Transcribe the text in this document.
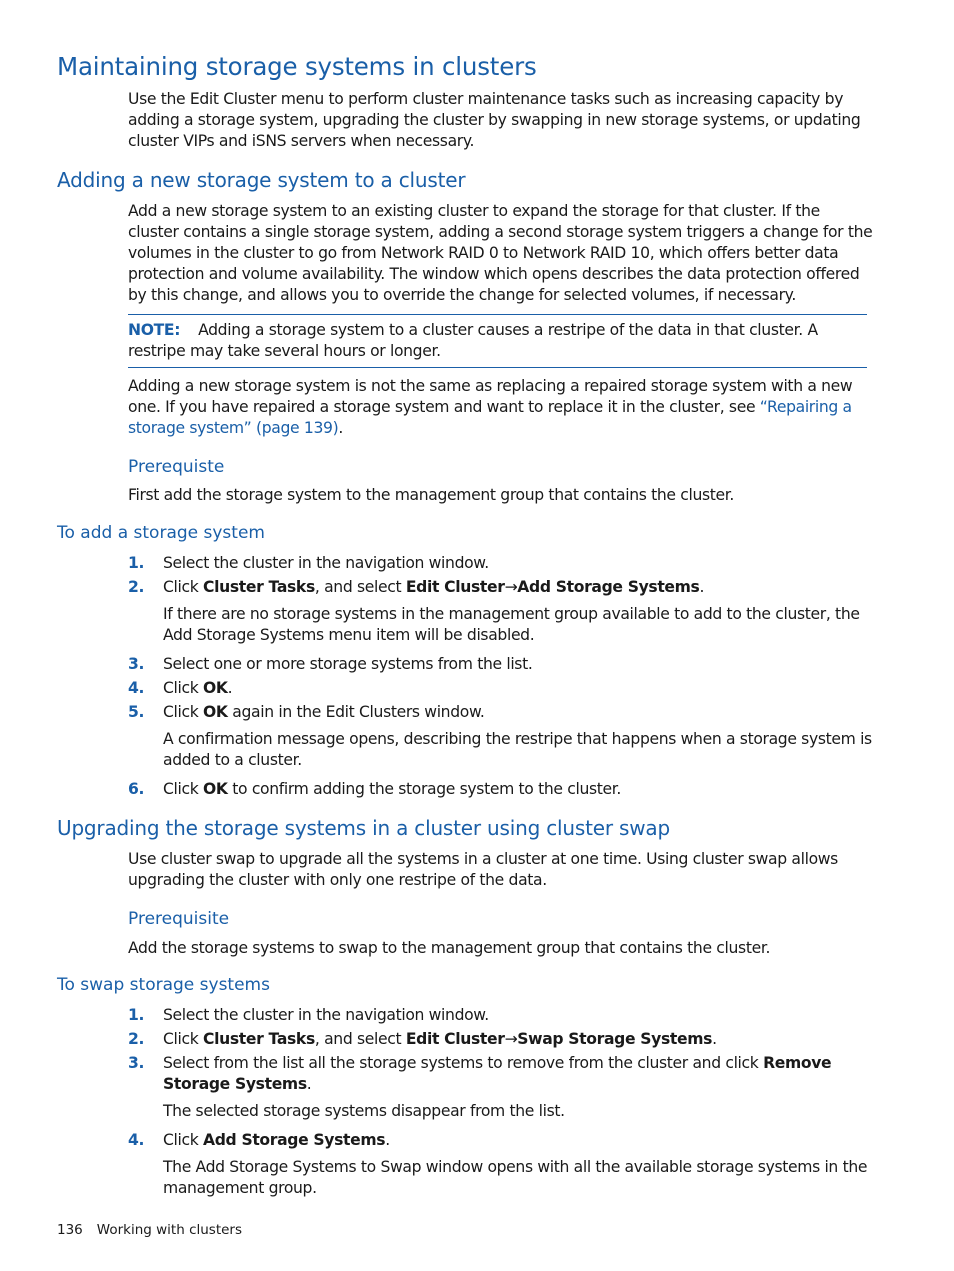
Maintaining storage systems in clusters
Use the Edit Cluster menu to perform cluster maintenance tasks such as increasing capacity by adding a storage system, upgrading the cluster by swapping in new storage systems, or updating cluster VIPs and iSNS servers when necessary.
Adding a new storage system to a cluster
Add a new storage system to an existing cluster to expand the storage for that cluster. If the cluster contains a single storage system, adding a second storage system triggers a change for the volumes in the cluster to go from Network RAID 0 to Network RAID 10, which offers better data protection and volume availability. The window which opens describes the data protection offered by this change, and allows you to override the change for selected volumes, if necessary.
NOTE: Adding a storage system to a cluster causes a restripe of the data in that cluster. A restripe may take several hours or longer.
Adding a new storage system is not the same as replacing a repaired storage system with a new one. If you have repaired a storage system and want to replace it in the cluster, see “Repairing a storage system” (page 139).
Prerequiste
First add the storage system to the management group that contains the cluster.
To add a storage system
1.	Select the cluster in the navigation window.
2.	Click Cluster Tasks, and select Edit Cluster→Add Storage Systems.
If there are no storage systems in the management group available to add to the cluster, the Add Storage Systems menu item will be disabled.
3.	Select one or more storage systems from the list.
4.	Click OK.
5.	Click OK again in the Edit Clusters window.
A confirmation message opens, describing the restripe that happens when a storage system is added to a cluster.
6.	Click OK to confirm adding the storage system to the cluster.
Upgrading the storage systems in a cluster using cluster swap
Use cluster swap to upgrade all the systems in a cluster at one time. Using cluster swap allows upgrading the cluster with only one restripe of the data.
Prerequisite
Add the storage systems to swap to the management group that contains the cluster.
To swap storage systems
1.	Select the cluster in the navigation window.
2.	Click Cluster Tasks, and select Edit Cluster→Swap Storage Systems.
3.	Select from the list all the storage systems to remove from the cluster and click Remove Storage Systems.
The selected storage systems disappear from the list.
4.	Click Add Storage Systems.
The Add Storage Systems to Swap window opens with all the available storage systems in the management group.
136 Working with clusters
